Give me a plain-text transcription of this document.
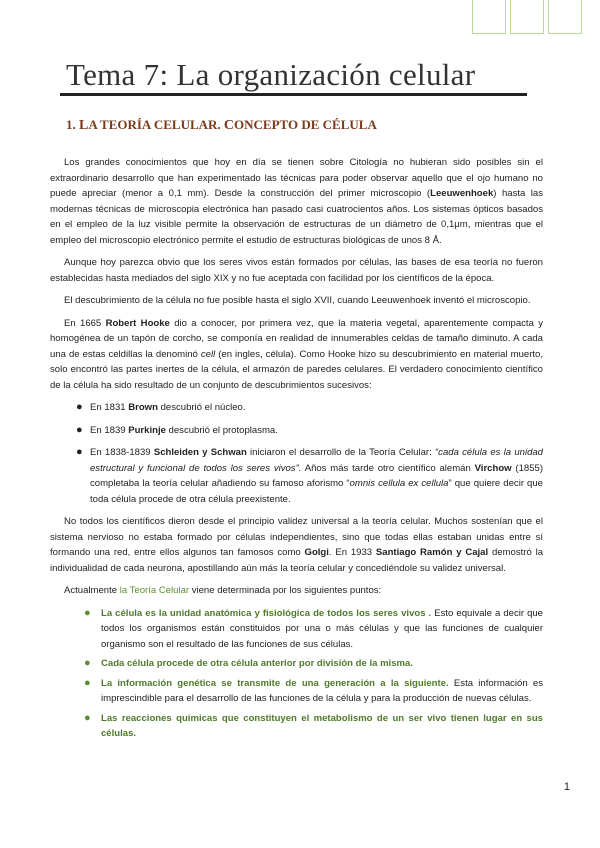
Tema 7: La organización celular
1. LA TEORÍA CELULAR. CONCEPTO DE CÉLULA

Los grandes conocimientos que hoy en día se tienen sobre Citología no hubieran sido posibles sin el extraordinario desarrollo que han experimentado las técnicas para poder observar aquello que el ojo humano no puede apreciar (menor a 0,1 mm). Desde la construcción del primer microscopio (Leeuwenhoek) hasta las modernas técnicas de microscopia electrónica han pasado casi cuatrocientos años. Los sistemas ópticos basados en el empleo de la luz visible permite la observación de estructuras de un diámetro de 0,1μm, mientras que el empleo del microscopio electrónico permite el estudio de estructuras biológicas de unos 8 Å.

Aunque hoy parezca obvio que los seres vivos están formados por células, las bases de esa teoría no fueron establecidas hasta mediados del siglo XIX y no fue aceptada con facilidad por los científicos de la época.

El descubrimiento de la célula no fue posible hasta el siglo XVII, cuando Leeuwenhoek inventó el microscopio.

En 1665 Robert Hooke dio a conocer, por primera vez, que la materia vegetal, aparentemente compacta y homogénea de un tapón de corcho, se componía en realidad de innumerables celdas de tamaño diminuto. A cada una de estas celdillas la denominó cell (en ingles, célula). Como Hooke hizo su descubrimiento en material muerto, solo encontró las partes inertes de la célula, el armazón de paredes celulares. El verdadero conocimiento científico de la célula ha sido resultado de un conjunto de descubrimientos sucesivos:

● En 1831 Brown descubrió el núcleo.
● En 1839 Purkinje descubrió el protoplasma.
● En 1838-1839 Schleiden y Schwan iniciaron el desarrollo de la Teoría Celular: “cada célula es la unidad estructural y funcional de todos los seres vivos”. Años más tarde otro científico alemán Virchow (1855) completaba la teoría celular añadiendo su famoso aforismo “omnis cellula ex cellula” que quiere decir que toda célula procede de otra célula preexistente.

No todos los científicos dieron desde el principio validez universal a la teoría celular. Muchos sostenían que el sistema nervioso no estaba formado por células independientes, sino que todas ellas estaban unidas entre sí formando una red, entre ellos algunos tan famosos como Golgi. En 1933 Santiago Ramón y Cajal demostró la individualidad de cada neurona, apostillando aún más la teoría celular y concediéndole su validez universal.

Actualmente la Teoría Celular viene determinada por los siguientes puntos:

● La célula es la unidad anatómica y fisiológica de todos los seres vivos . Esto equivale a decir que todos los organismos están constituidos por una o más células y que las funciones de cualquier organismo son el resultado de las funciones de sus células.
● Cada célula procede de otra célula anterior por división de la misma.
● La información genética se transmite de una generación a la siguiente. Esta información es imprescindible para el desarrollo de las funciones de la célula y para la producción de nuevas células.
● Las reacciones químicas que constituyen el metabolismo de un ser vivo tienen lugar en sus células.
1
